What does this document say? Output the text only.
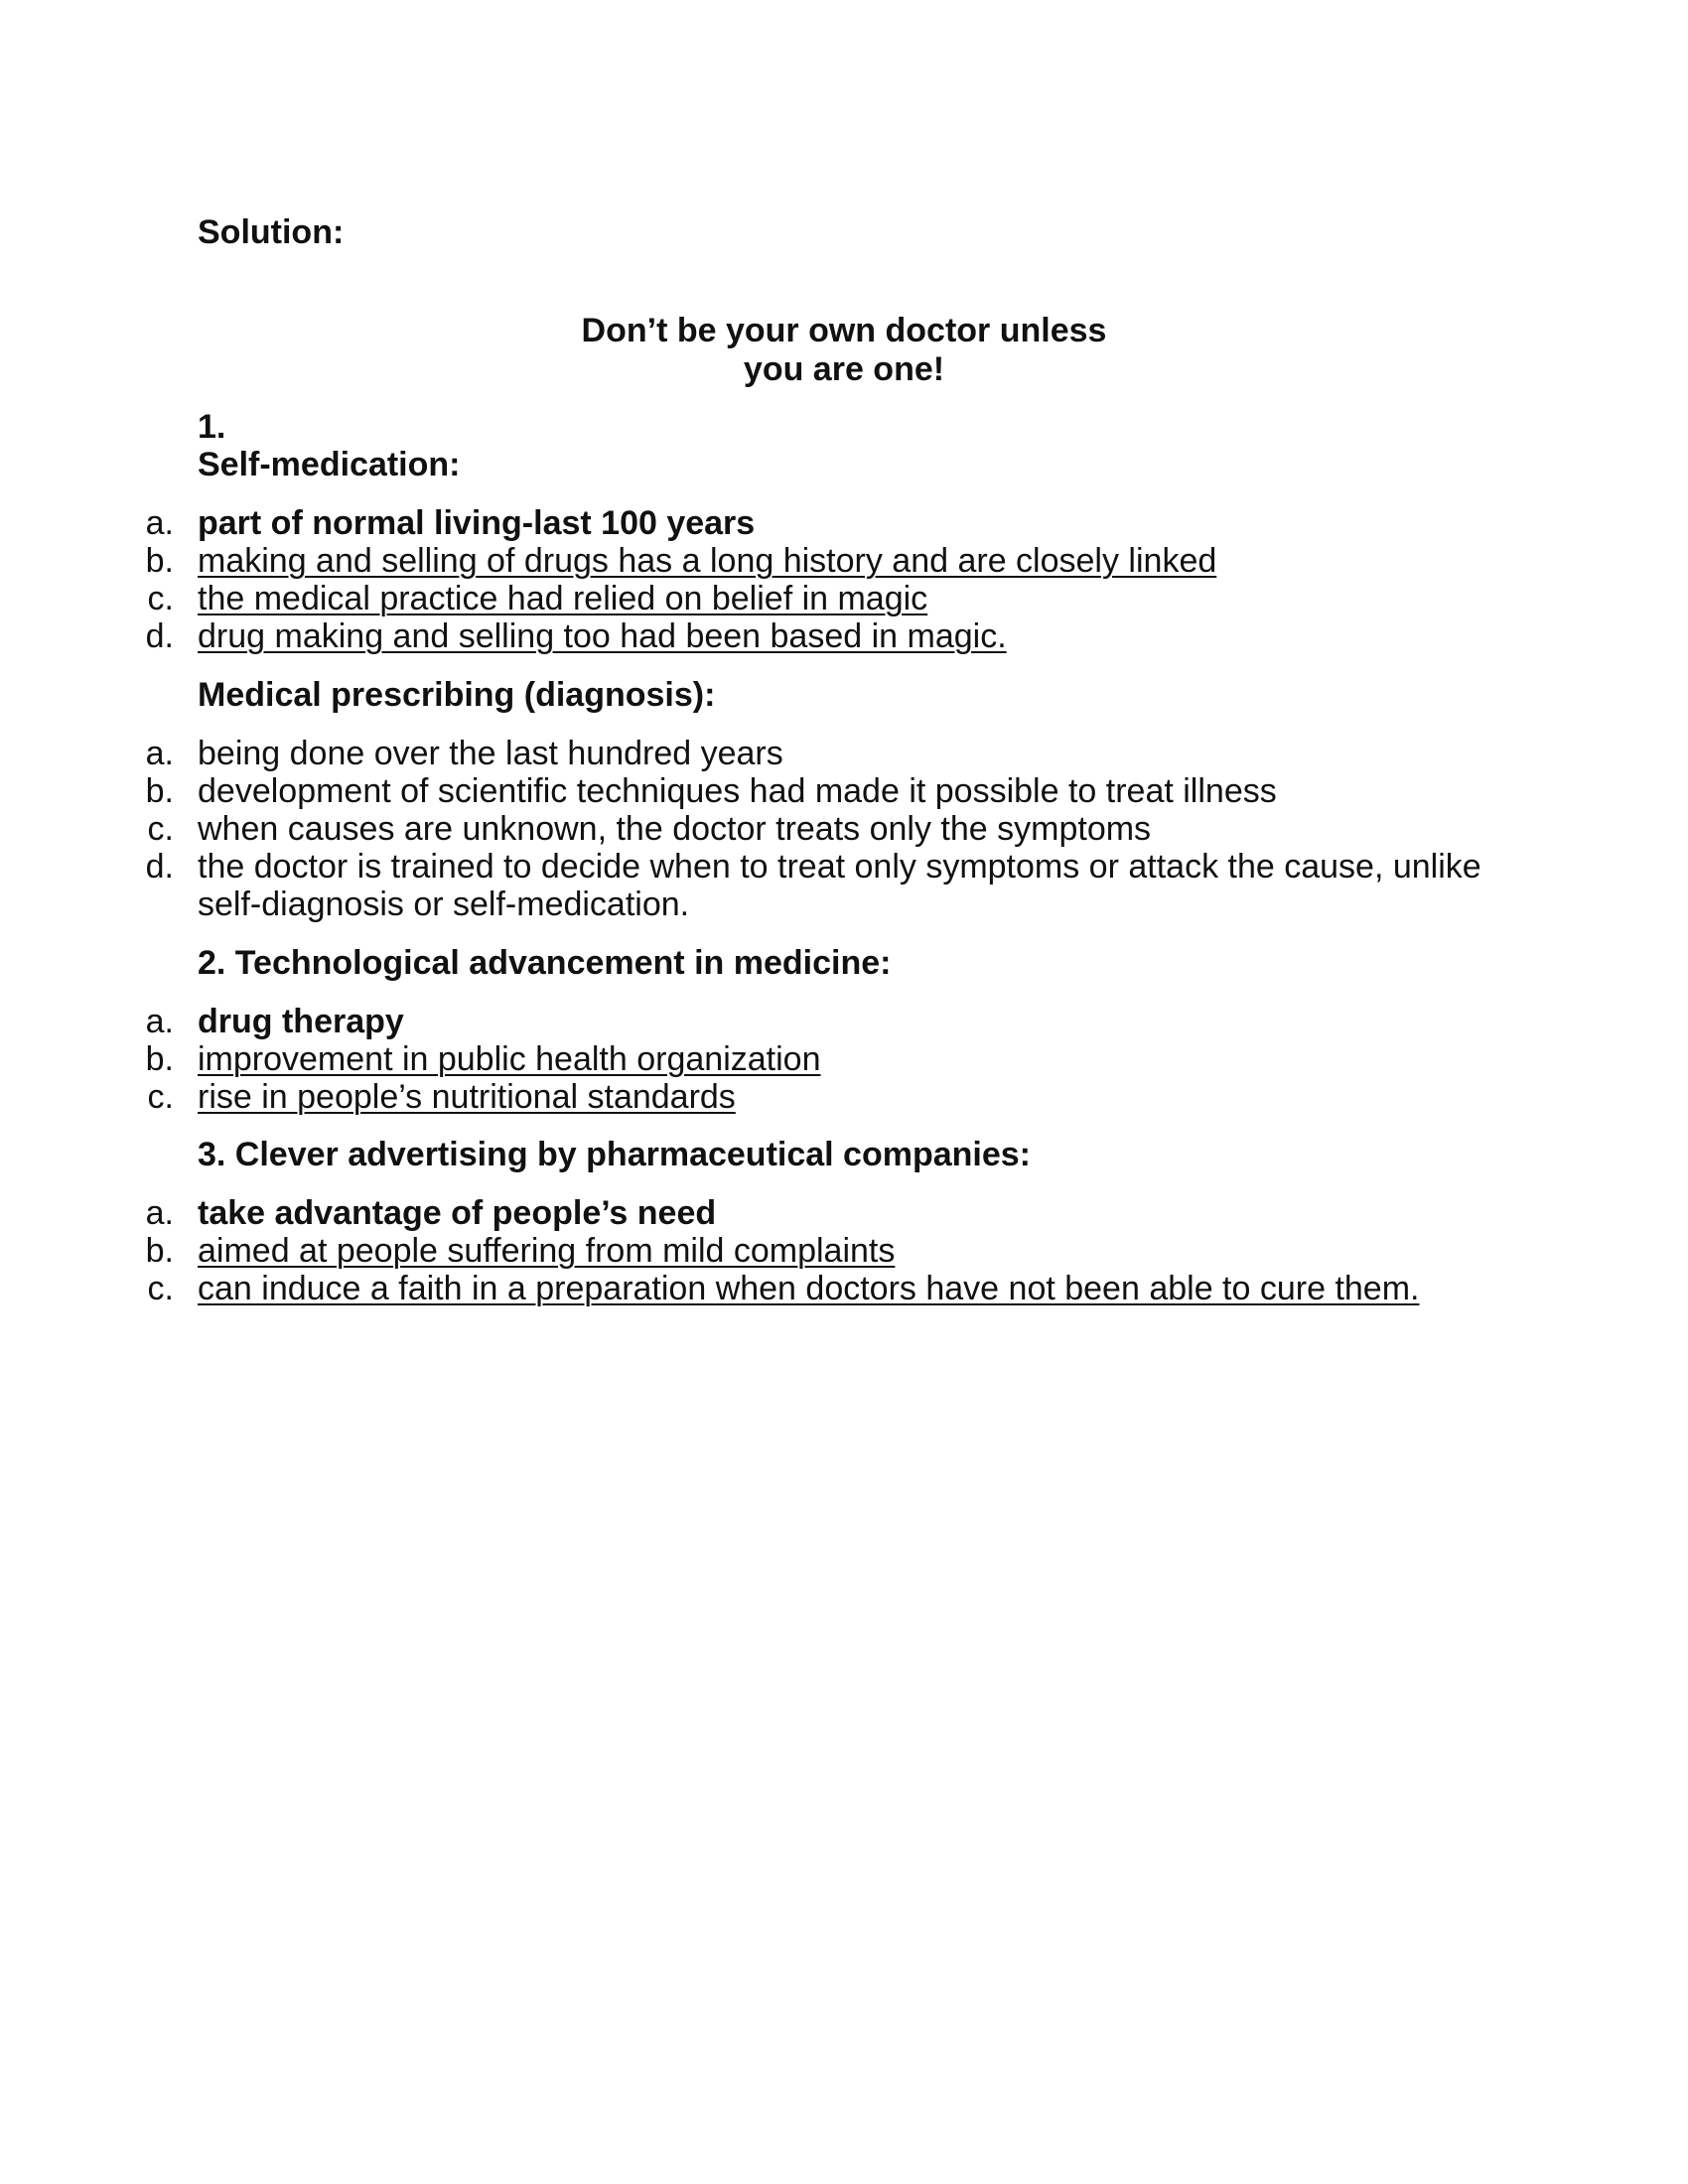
Solution:
Don’t be your own doctor unless
you are one!
1.
Self-medication:
a. part of normal living-last 100 years
b. making and selling of drugs has a long history and are closely linked
c. the medical practice had relied on belief in magic
d. drug making and selling too had been based in magic.
Medical prescribing (diagnosis):
a. being done over the last hundred years
b. development of scientific techniques had made it possible to treat illness
c. when causes are unknown, the doctor treats only the symptoms
d. the doctor is trained to decide when to treat only symptoms or attack the cause, unlike
self-diagnosis or self-medication.
2. Technological advancement in medicine:
a. drug therapy
b. improvement in public health organization
c. rise in people’s nutritional standards
3. Clever advertising by pharmaceutical companies:
a. take advantage of people’s need
b. aimed at people suffering from mild complaints
c. can induce a faith in a preparation when doctors have not been able to cure them.
